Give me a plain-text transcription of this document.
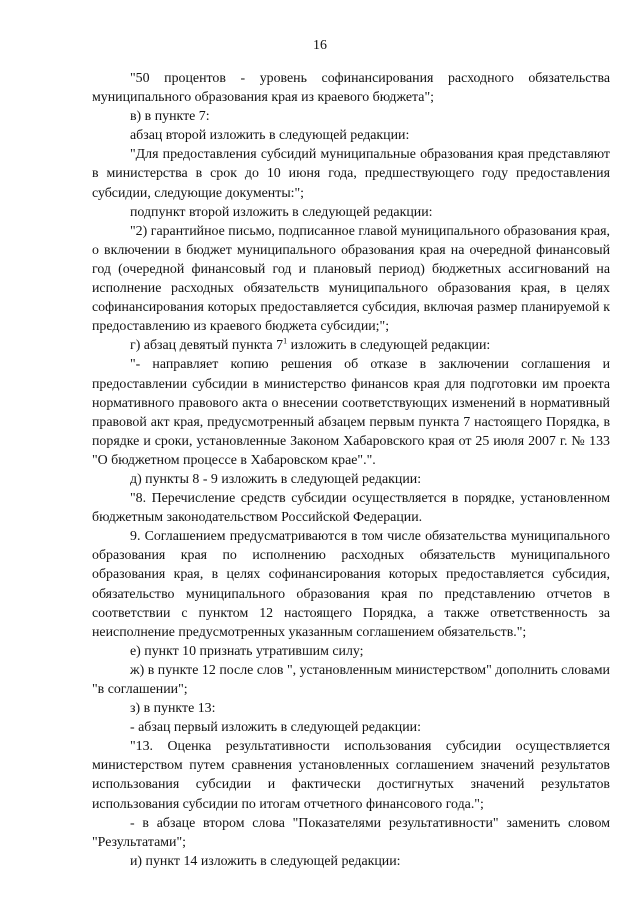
16

"50 процентов - уровень софинансирования расходного обязательства муниципального образования края из краевого бюджета";

в) в пункте 7:

абзац второй изложить в следующей редакции:

"Для предоставления субсидий муниципальные образования края представляют в министерства в срок до 10 июня года, предшествующего году предоставления субсидии, следующие документы:";

подпункт второй изложить в следующей редакции:

"2) гарантийное письмо, подписанное главой муниципального образования края, о включении в бюджет муниципального образования края на очередной финансовый год (очередной финансовый год и плановый период) бюджетных ассигнований на исполнение расходных обязательств муниципального образования края, в целях софинансирования которых предоставляется субсидия, включая размер планируемой к предоставлению из краевого бюджета субсидии;";

г) абзац девятый пункта $7^1$ изложить в следующей редакции:

"- направляет копию решения об отказе в заключении соглашения и предоставлении субсидии в министерство финансов края для подготовки им проекта нормативного правового акта о внесении соответствующих изменений в нормативный правовой акт края, предусмотренный абзацем первым пункта 7 настоящего Порядка, в порядке и сроки, установленные Законом Хабаровского края от 25 июля 2007 г. № 133 "О бюджетном процессе в Хабаровском крае".".

д) пункты 8 - 9 изложить в следующей редакции:

"8. Перечисление средств субсидии осуществляется в порядке, установленном бюджетным законодательством Российской Федерации.

9. Соглашением предусматриваются в том числе обязательства муниципального образования края по исполнению расходных обязательств муниципального образования края, в целях софинансирования которых предоставляется субсидия, обязательство муниципального образования края по представлению отчетов в соответствии с пунктом 12 настоящего Порядка, а также ответственность за неисполнение предусмотренных указанным соглашением обязательств.";

е) пункт 10 признать утратившим силу;

ж) в пункте 12 после слов ", установленным министерством" дополнить словами "в соглашении";

з) в пункте 13:

- абзац первый изложить в следующей редакции:

"13. Оценка результативности использования субсидии осуществляется министерством путем сравнения установленных соглашением значений результатов использования субсидии и фактически достигнутых значений результатов использования субсидии по итогам отчетного финансового года.";

- в абзаце втором слова "Показателями результативности" заменить словом "Результатами";

и) пункт 14 изложить в следующей редакции:
